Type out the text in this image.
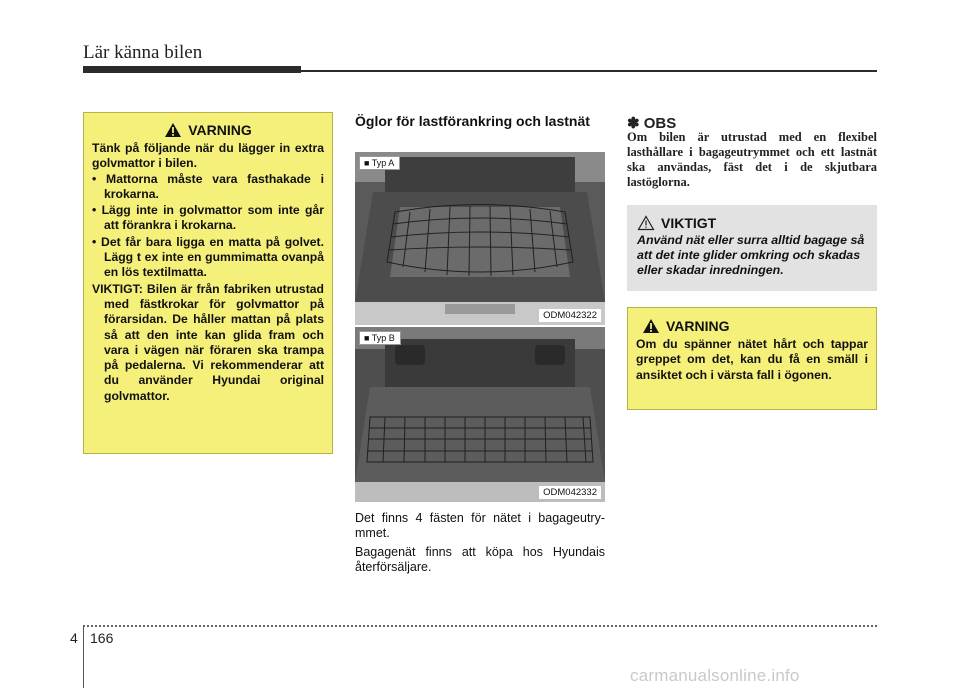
Lär känna bilen
VARNING

Tänk på följande när du lägger in extra golvmattor i bilen.

• Mattorna måste vara fasthakade i krokarna.

• Lägg inte in golvmattor som inte går att förankra i krokarna.

• Det får bara ligga en matta på golvet. Lägg t ex inte en gummimatta ovanpå en lös textilmatta.

VIKTIGT: Bilen är från fabriken utrustad med fästkrokar för golvmattor på förarsidan. De håller mattan på plats så att den inte kan glida fram och vara i vägen när föraren ska trampa på pedalerna. Vi rekommenderar att du använder Hyundai original golvmattor.

Öglor för lastförankring och lastnät
■ Typ A
ODM042322
■ Typ B
ODM042332

Det finns 4 fästen för nätet i bagageutry-mmet.

Bagagenät finns att köpa hos Hyundais återförsäljare.

✽ OBS

Om bilen är utrustad med en flexibel lasthållare i bagageutrymmet och ett lastnät ska användas, fäst det i de skjutbara lastöglorna.

VIKTIGT

Använd nät eller surra alltid bagage så att det inte glider omkring och skadas eller skadar inredningen.

VARNING

Om du spänner nätet hårt och tappar greppet om det, kan du få en smäll i ansiktet och i värsta fall i ögonen.

4 166
carmanualsonline.info
